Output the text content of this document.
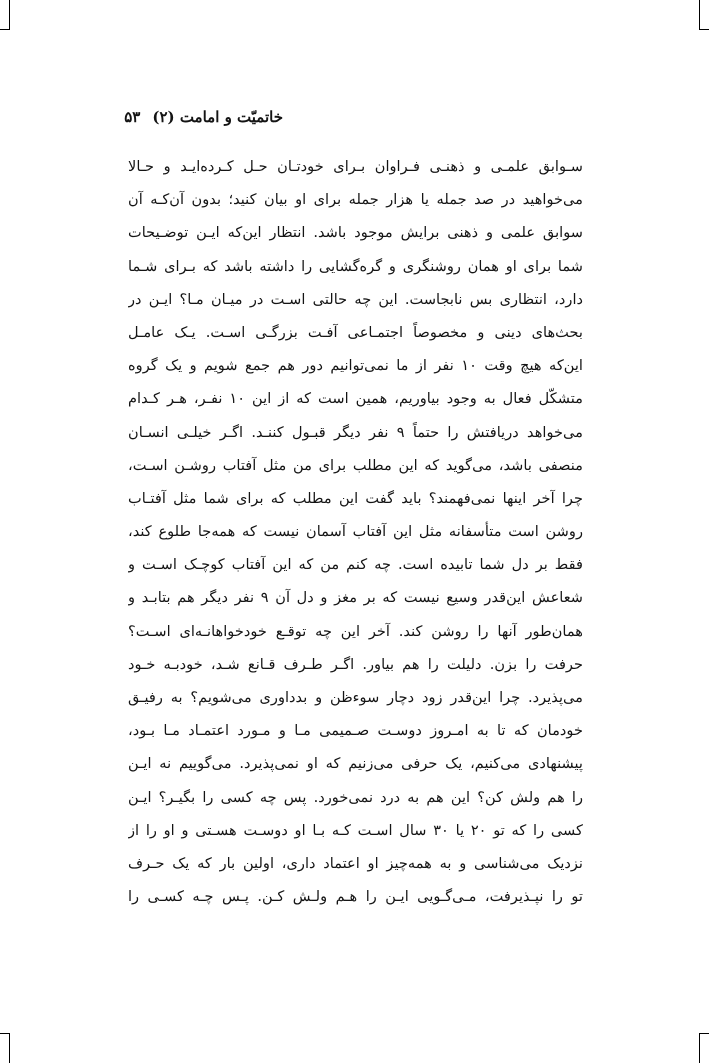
خاتمیّت و امامت (۲)
۵۳
سـوابق علمـی و ذهنـی فـراوان بـرای خودتـان حـل کـرده‌ایـد و حـالا
می‌خواهید در صد جمله یا هزار جمله برای او بیان کنید؛ بدون آن‌کـه آن
سوابق علمی و ذهنی برایش موجود باشد. انتظار این‌که ایـن توضـیحات
شما برای او همان روشنگری و گره‌گشایی را داشته باشد که بـرای شـما
دارد، انتظاری بس نابجاست. این چه حالتی اسـت در میـان مـا؟ ایـن در
بحث‌های دینی و مخصوصاً اجتمـاعی آفـت بزرگـی اسـت. یـک عامـل
این‌که هیچ وقت ۱۰ نفر از ما نمی‌توانیم دور هم جمع شویم و یک گروه
متشکّل فعال به وجود بیاوریم، همین است که از این ۱۰ نفـر، هـر کـدام
می‌خواهد دریافتش را حتماً ۹ نفر دیگر قبـول کننـد. اگـر خیلـی انسـان
منصفی باشد، می‌گوید که این مطلب برای من مثل آفتاب روشـن اسـت،
چرا آخر اینها نمی‌فهمند؟ باید گفت این مطلب که برای شما مثل آفتـاب
روشن است متأسفانه مثل این آفتاب آسمان نیست که همه‌جا طلوع کند،
فقط بر دل شما تابیده است. چه کنم من که این آفتاب کوچـک اسـت و
شعاعش این‌قدر وسیع نیست که بر مغز و دل آن ۹ نفر دیگر هم بتابـد و
همان‌طور آنها را روشن کند. آخر این چه توقـع خودخواهانـه‌ای اسـت؟
حرفت را بزن. دلیلت را هم بیاور. اگـر طـرف قـانع شـد، خودبـه خـود
می‌پذیرد. چرا این‌قدر زود دچار سوءظن و بدداوری می‌شویم؟ به رفیـق
خودمان که تا به امـروز دوسـت صـمیمی مـا و مـورد اعتمـاد مـا بـود،
پیشنهادی می‌کنیم، یک حرفی می‌زنیم که او نمی‌پذیرد. می‌گوییم نه ایـن
را هم ولش کن؟ این هم به درد نمی‌خورد. پس چه کسی را بگیـر؟ ایـن
کسی را که تو ۲۰ یا ۳۰ سال اسـت کـه بـا او دوسـت هسـتی و او را از
نزدیک می‌شناسی و به همه‌چیز او اعتماد داری، اولین بار که یک حـرف
تو را نپـذیرفت، مـی‌گـویی ایـن را هـم ولـش کـن. پـس چـه کسـی را
